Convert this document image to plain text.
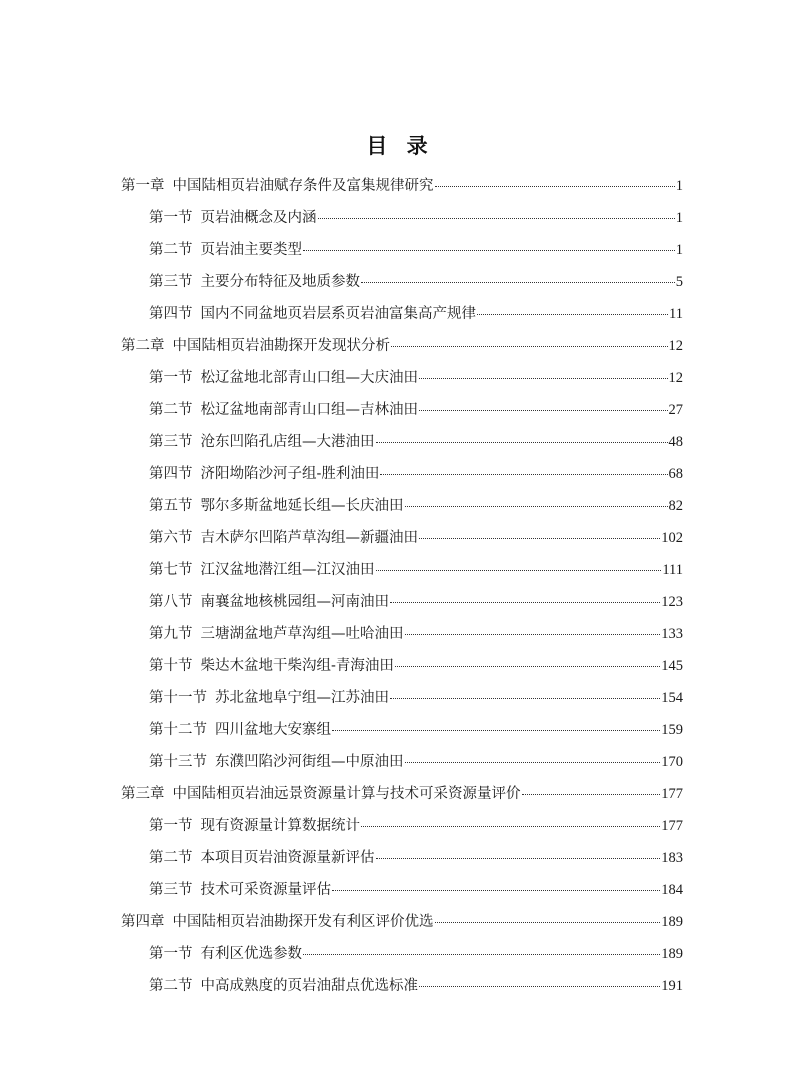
目 录
第一章 中国陆相页岩油赋存条件及富集规律研究	1
第一节 页岩油概念及内涵	1
第二节 页岩油主要类型	1
第三节 主要分布特征及地质参数	5
第四节 国内不同盆地页岩层系页岩油富集高产规律	11
第二章 中国陆相页岩油勘探开发现状分析	12
第一节 松辽盆地北部青山口组—大庆油田	12
第二节 松辽盆地南部青山口组—吉林油田	27
第三节 沧东凹陷孔店组—大港油田	48
第四节 济阳坳陷沙河子组-胜利油田	68
第五节 鄂尔多斯盆地延长组—长庆油田	82
第六节 吉木萨尔凹陷芦草沟组—新疆油田	102
第七节 江汉盆地潜江组—江汉油田	111
第八节 南襄盆地核桃园组—河南油田	123
第九节 三塘湖盆地芦草沟组—吐哈油田	133
第十节 柴达木盆地干柴沟组-青海油田	145
第十一节 苏北盆地阜宁组—江苏油田	154
第十二节 四川盆地大安寨组	159
第十三节 东濮凹陷沙河街组—中原油田	170
第三章 中国陆相页岩油远景资源量计算与技术可采资源量评价	177
第一节 现有资源量计算数据统计	177
第二节 本项目页岩油资源量新评估	183
第三节 技术可采资源量评估	184
第四章 中国陆相页岩油勘探开发有利区评价优选	189
第一节 有利区优选参数	189
第二节 中高成熟度的页岩油甜点优选标准	191
